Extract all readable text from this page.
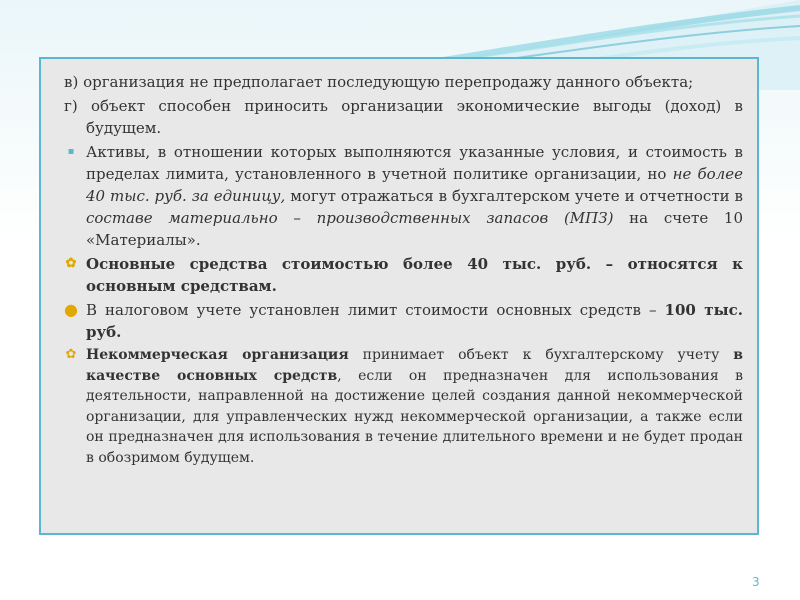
в) организация не предполагает последующую перепродажу данного объекта;

г) объект способен приносить организации экономические выгоды (доход) в будущем.

▪ Активы, в отношении которых выполняются указанные условия, и стоимость в пределах лимита, установленного в учетной политике организации, но не более 40 тыс. руб. за единицу, могут отражаться в бухгалтерском учете и отчетности в составе материально – производственных запасов (МПЗ) на счете 10 «Материалы».

✿ Основные средства стоимостью более 40 тыс. руб. – относятся к основным средствам.

● В налоговом учете установлен лимит стоимости основных средств – 100 тыс. руб.

✿ Некоммерческая организация принимает объект к бухгалтерскому учету в качестве основных средств, если он предназначен для использования в деятельности, направленной на достижение целей создания данной некоммерческой организации, для управленческих нужд некоммерческой организации, а также если он предназначен для использования в течение длительного времени и не будет продан в обозримом будущем.

3
